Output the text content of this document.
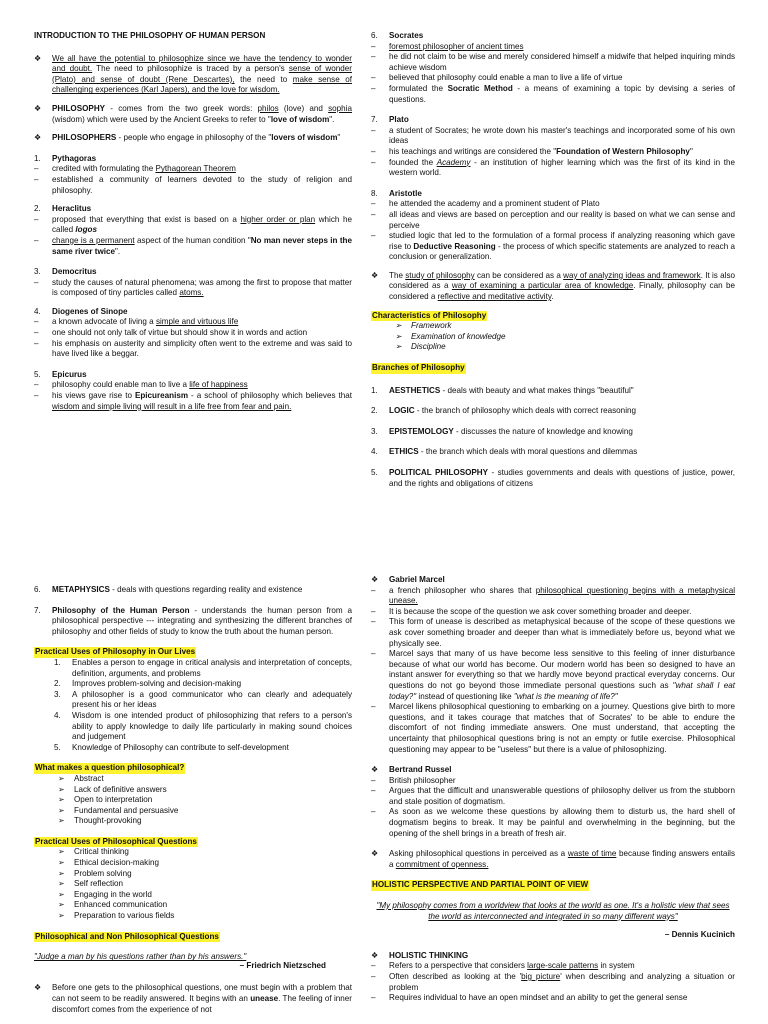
INTRODUCTION TO THE PHILOSOPHY OF HUMAN PERSON

❖ We all have the potential to philosophize since we have the tendency to wonder and doubt. The need to philosophize is traced by a person's sense of wonder (Plato) and sense of doubt (Rene Descartes), the need to make sense of challenging experiences (Karl Japers), and the love for wisdom.
❖ PHILOSOPHY - comes from the two greek words: philos (love) and sophia (wisdom) which were used by the Ancient Greeks to refer to "love of wisdom".
❖ PHILOSOPHERS - people who engage in philosophy of the "lovers of wisdom"
1. Pythagoras
– credited with formulating the Pythagorean Theorem
– established a community of learners devoted to the study of religion and philosophy.
2. Heraclitus
– proposed that everything that exist is based on a higher order or plan which he called logos
– change is a permanent aspect of the human condition "No man never steps in the same river twice".
3. Democritus
– study the causes of natural phenomena; was among the first to propose that matter is composed of tiny particles called atoms.
4. Diogenes of Sinope
– a known advocate of living a simple and virtuous life
– one should not only talk of virtue but should show it in words and action
– his emphasis on austerity and simplicity often went to the extreme and was said to have lived like a beggar.
5. Epicurus
– philosophy could enable man to live a life of happiness
– his views gave rise to Epicureanism - a school of philosophy which believes that wisdom and simple living will result in a life free from fear and pain.
6. Socrates
– foremost philosopher of ancient times
– he did not claim to be wise and merely considered himself a midwife that helped inquiring minds achieve wisdom
– believed that philosophy could enable a man to live a life of virtue
– formulated the Socratic Method - a means of examining a topic by devising a series of questions.
7. Plato
– a student of Socrates; he wrote down his master's teachings and incorporated some of his own ideas
– his teachings and writings are considered the "Foundation of Western Philosophy"
– founded the Academy - an institution of higher learning which was the first of its kind in the western world.
8. Aristotle
– he attended the academy and a prominent student of Plato
– all ideas and views are based on perception and our reality is based on what we can sense and perceive
– studied logic that led to the formulation of a formal process if analyzing reasoning which gave rise to Deductive Reasoning - the process of which specific statements are analyzed to reach a conclusion or generalization.
❖ The study of philosophy can be considered as a way of analyzing ideas and framework. It is also considered as a way of examining a particular area of knowledge. Finally, philosophy can be considered a reflective and meditative activity.
Characteristics of Philosophy
➢ Framework
➢ Examination of knowledge
➢ Discipline
Branches of Philosophy
1. AESTHETICS - deals with beauty and what makes things "beautiful"
2. LOGIC - the branch of philosophy which deals with correct reasoning
3. EPISTEMOLOGY - discusses the nature of knowledge and knowing
4. ETHICS - the branch which deals with moral questions and dilemmas
5. POLITICAL PHILOSOPHY - studies governments and deals with questions of justice, power, and the rights and obligations of citizens
6. METAPHYSICS - deals with questions regarding reality and existence
7. Philosophy of the Human Person - understands the human person from a philosophical perspective --- integrating and synthesizing the different branches of philosophy and other fields of study to know the truth about the human person.
Practical Uses of Philosophy in Our Lives
1. Enables a person to engage in critical analysis and interpretation of concepts, definition, arguments, and problems
2. Improves problem-solving and decision-making
3. A philosopher is a good communicator who can clearly and adequately present his or her ideas
4. Wisdom is one intended product of philosophizing that refers to a person's ability to apply knowledge to daily life particularly in making sound choices and judgement
5. Knowledge of Philosophy can contribute to self-development
What makes a question philosophical?
➢ Abstract
➢ Lack of definitive answers
➢ Open to interpretation
➢ Fundamental and persuasive
➢ Thought-provoking
Practical Uses of Philosophical Questions
➢ Critical thinking
➢ Ethical decision-making
➢ Problem solving
➢ Self reflection
➢ Engaging in the world
➢ Enhanced communication
➢ Preparation to various fields
Philosophical and Non Philosophical Questions

"Judge a man by his questions rather than by his answers."

– Friedrich Nietzsched

❖ Before one gets to the philosophical questions, one must begin with a problem that can not seem to be readily answered. It begins with an unease. The feeling of inner discomfort comes from the experience of not
❖ Gabriel Marcel
– a french philosopher who shares that philosophical questioning begins with a metaphysical unease.
– It is because the scope of the question we ask cover something broader and deeper.
– This form of unease is described as metaphysical because of the scope of these questions we ask cover something broader and deeper than what is immediately before us, beyond what we physically see.
– Marcel says that many of us have become less sensitive to this feeling of inner disturbance because of what our world has become. Our modern world has been so designed to have an instant answer for everything so that we hardly move beyond practical everyday concerns. Our questions do not go beyond those immediate personal questions such as "what shall I eat today?" instead of questioning like "what is the meaning of life?"
– Marcel likens philosophical questioning to embarking on a journey. Questions give birth to more questions, and it takes courage that matches that of Socrates' to be able to endure the discomfort of not finding immediate answers. One must understand, that accepting the uncertainty that philosophical questions bring is not an empty or futile exercise. Philosophical questioning may appear to be "useless" but there is a value of philosophizing.
❖ Bertrand Russel
– British philosopher
– Argues that the difficult and unanswerable questions of philosophy deliver us from the stubborn and stale position of dogmatism.
– As soon as we welcome these questions by allowing them to disturb us, the hard shell of dogmatism begins to break. It may be painful and overwhelming in the beginning, but the opening of the shell brings in a breath of fresh air.
❖ Asking philosophical questions in perceived as a waste of time because finding answers entails a commitment of openness.
HOLISTIC PERSPECTIVE AND PARTIAL POINT OF VIEW

"My philosophy comes from a worldview that looks at the world as one. It's a holistic view that sees the world as interconnected and integrated in so many different ways"

– Dennis Kucinich

❖ HOLISTIC THINKING
– Refers to a perspective that considers large-scale patterns in system
– Often described as looking at the 'big picture' when describing and analyzing a situation or problem
– Requires individual to have an open mindset and an ability to get the general sense
